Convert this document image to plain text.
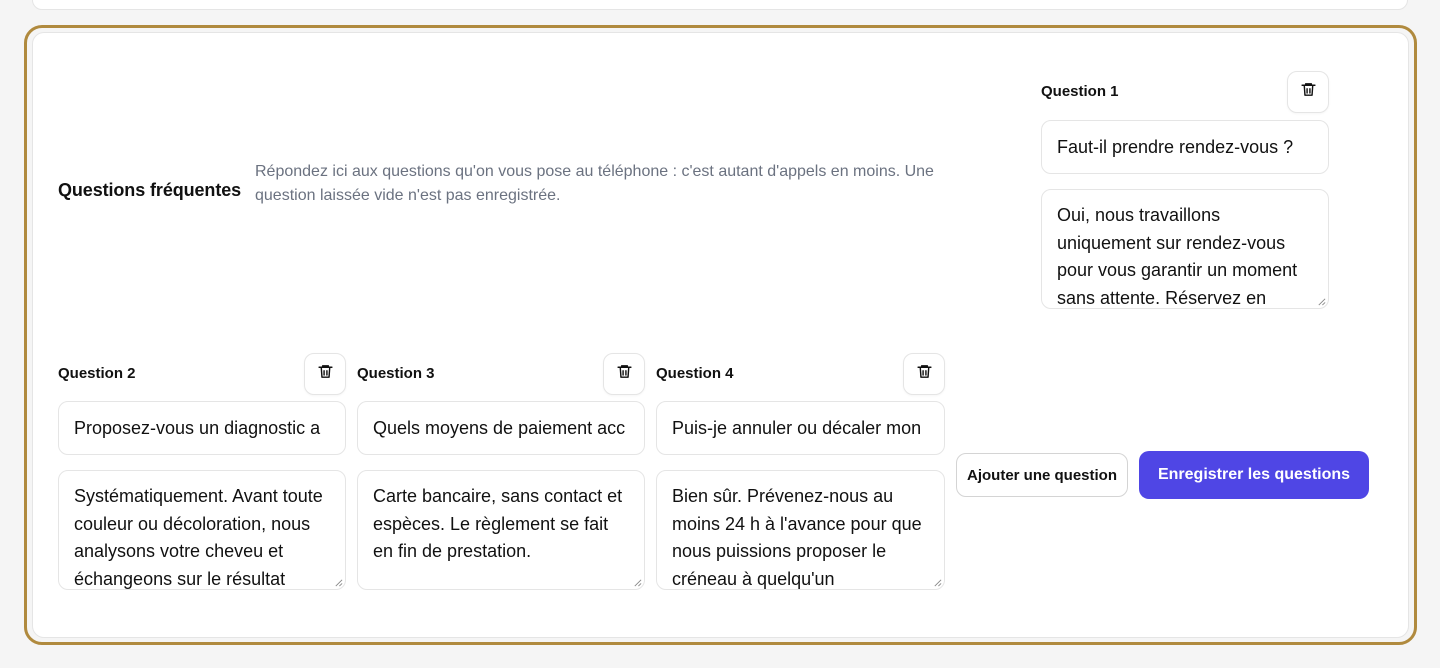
Questions fréquentes
Répondez ici aux questions qu'on vous pose au téléphone : c'est autant d'appels en moins. Une question laissée vide n'est pas enregistrée.
Question 1
Faut-il prendre rendez-vous ?
Oui, nous travaillons uniquement sur rendez-vous pour vous garantir un moment sans attente. Réservez en
Question 2
Proposez-vous un diagnostic a
Systématiquement. Avant toute couleur ou décoloration, nous analysons votre cheveu et échangeons sur le résultat
Question 3
Quels moyens de paiement acc
Carte bancaire, sans contact et espèces. Le règlement se fait en fin de prestation.
Question 4
Puis-je annuler ou décaler mon
Bien sûr. Prévenez-nous au moins 24 h à l'avance pour que nous puissions proposer le créneau à quelqu'un
Ajouter une question	Enregistrer les questions
